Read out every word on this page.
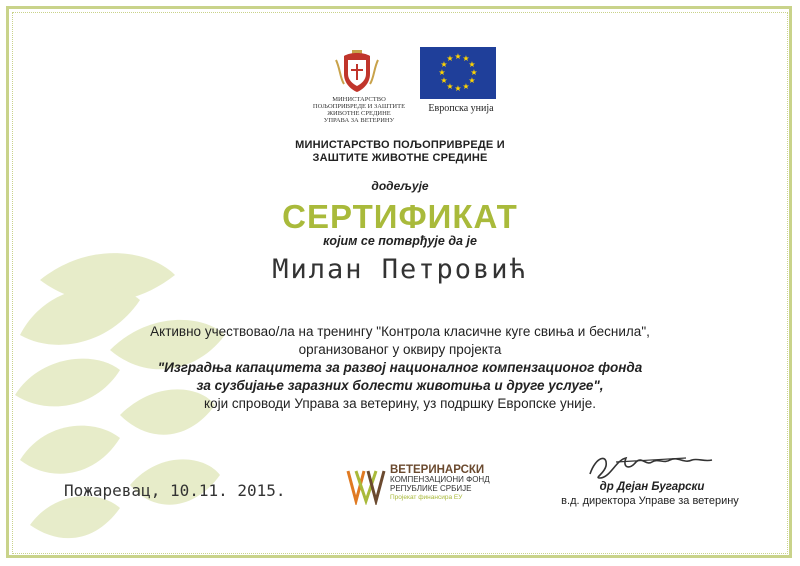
МИНИСТАРСТВО
ПОЉОПРИВРЕДЕ И ЗАШТИТЕ
ЖИВОТНЕ СРЕДИНЕ
УПРАВА ЗА ВЕТЕРИНУ
★ ★
★
★
★
★
★
★
★
★
★
★
Европска унија
МИНИСТАРСТВО ПОЉОПРИВРЕДЕ И
ЗАШТИТЕ ЖИВОТНЕ СРЕДИНЕ
додељује
СЕРТИФИКАТ
којим се потврђује да је
Милан Петровић
Активно учествовао/ла на тренингу "Контрола класичне куге свиња и беснила",
организованог у оквиру пројекта
"Изградња капацитета за развој националног компензационог фонда
за сузбијање заразних болести животиња и друге услуге",
који спроводи Управа за ветерину, уз подршку Европске уније.
Пожаревац, 10.11. 2015.
ВЕТЕРИНАРСКИ
КОМПЕНЗАЦИОНИ ФОНД
РЕПУБЛИКЕ СРБИЈЕ
Пројекат финансира ЕУ
др Дејан Бугарски
в.д. директора Управе за ветерину
